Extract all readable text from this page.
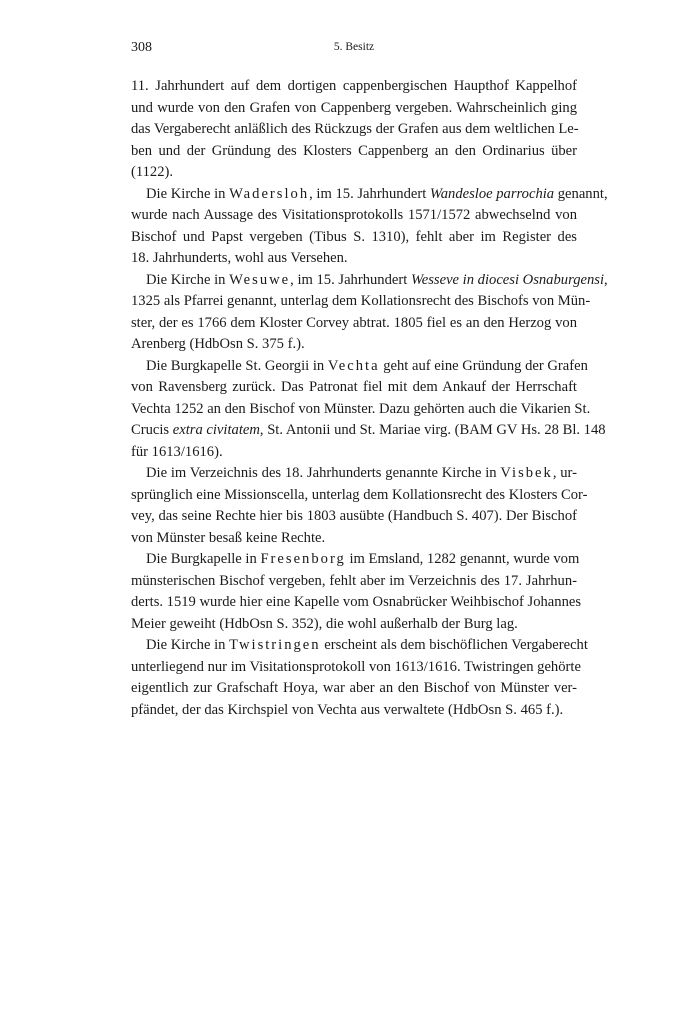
308	5. Besitz
11. Jahrhundert auf dem dortigen cappenbergischen Haupthof Kappelhof
und wurde von den Grafen von Cappenberg vergeben. Wahrscheinlich ging
das Vergaberecht anläßlich des Rückzugs der Grafen aus dem weltlichen Le-
ben und der Gründung des Klosters Cappenberg an den Ordinarius über
(1122).
Die Kirche in Wadersloh, im 15. Jahrhundert Wandesloe parrochia genannt,
wurde nach Aussage des Visitationsprotokolls 1571/1572 abwechselnd von
Bischof und Papst vergeben (Tibus S. 1310), fehlt aber im Register des
18. Jahrhunderts, wohl aus Versehen.
Die Kirche in Wesuwe, im 15. Jahrhundert Wesseve in diocesi Osnaburgensi,
1325 als Pfarrei genannt, unterlag dem Kollationsrecht des Bischofs von Mün-
ster, der es 1766 dem Kloster Corvey abtrat. 1805 fiel es an den Herzog von
Arenberg (HdbOsn S. 375 f.).
Die Burgkapelle St. Georgii in Vechta geht auf eine Gründung der Grafen
von Ravensberg zurück. Das Patronat fiel mit dem Ankauf der Herrschaft
Vechta 1252 an den Bischof von Münster. Dazu gehörten auch die Vikarien St.
Crucis extra civitatem, St. Antonii und St. Mariae virg. (BAM GV Hs. 28 Bl. 148
für 1613/1616).
Die im Verzeichnis des 18. Jahrhunderts genannte Kirche in Visbek, ur-
sprünglich eine Missionscella, unterlag dem Kollationsrecht des Klosters Cor-
vey, das seine Rechte hier bis 1803 ausübte (Handbuch S. 407). Der Bischof
von Münster besaß keine Rechte.
Die Burgkapelle in Fresenborg im Emsland, 1282 genannt, wurde vom
münsterischen Bischof vergeben, fehlt aber im Verzeichnis des 17. Jahrhun-
derts. 1519 wurde hier eine Kapelle vom Osnabrücker Weihbischof Johannes
Meier geweiht (HdbOsn S. 352), die wohl außerhalb der Burg lag.
Die Kirche in Twistringen erscheint als dem bischöflichen Vergaberecht
unterliegend nur im Visitationsprotokoll von 1613/1616. Twistringen gehörte
eigentlich zur Grafschaft Hoya, war aber an den Bischof von Münster ver-
pfändet, der das Kirchspiel von Vechta aus verwaltete (HdbOsn S. 465 f.).
